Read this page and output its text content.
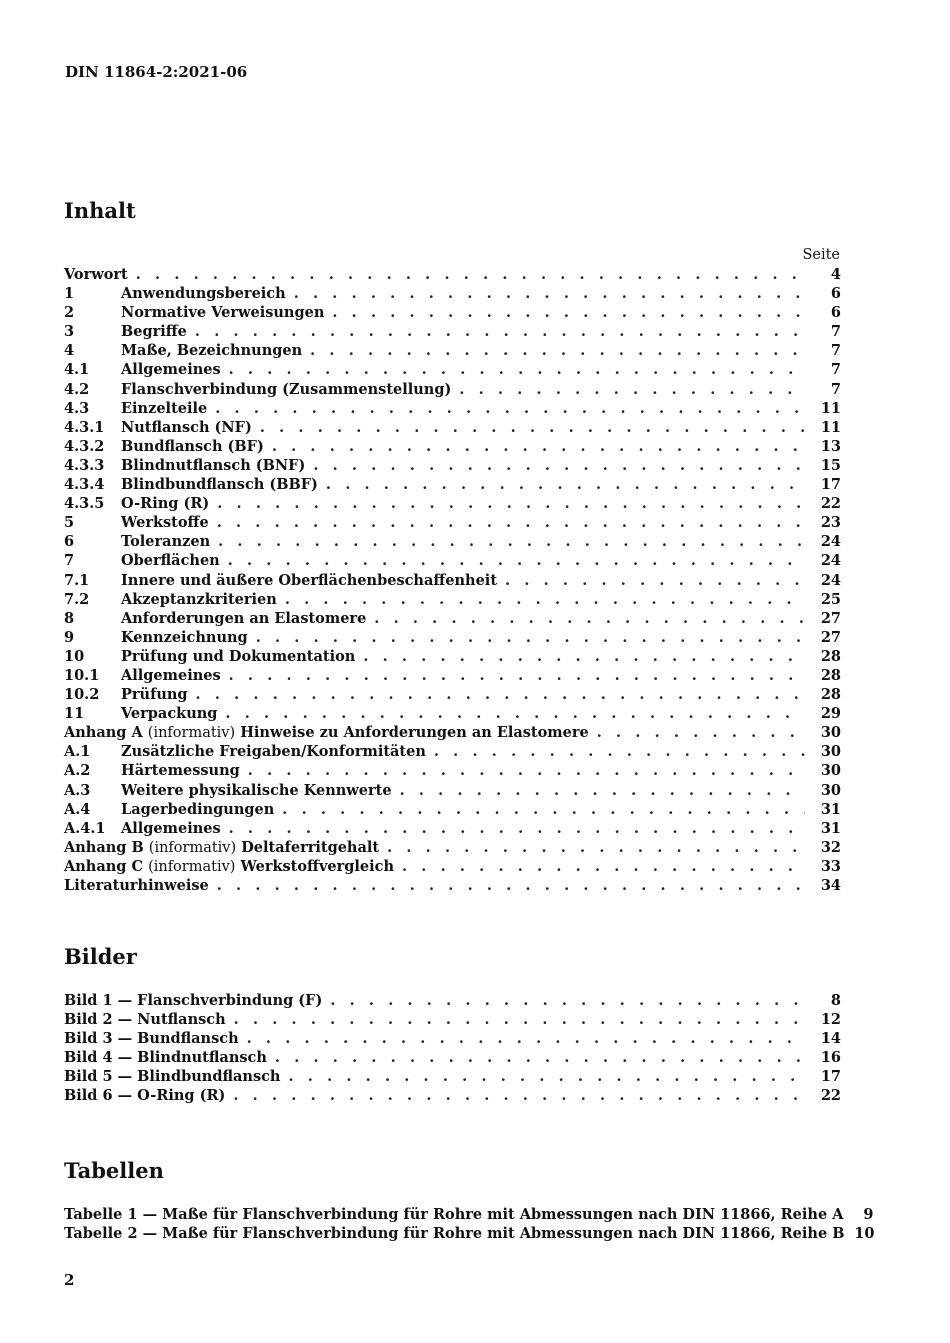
DIN 11864-2:2021-06
Inhalt
Seite
Vorwort . . .	4
1	Anwendungsbereich . . .	6
2	Normative Verweisungen . . .	6
3	Begriffe . . .	7
4	Maße, Bezeichnungen . . .	7
4.1	Allgemeines . . .	7
4.2	Flanschverbindung (Zusammenstellung) . . .	7
4.3	Einzelteile . . .	11
4.3.1	Nutflansch (NF) . . .	11
4.3.2	Bundflansch (BF) . . .	13
4.3.3	Blindnutflansch (BNF) . . .	15
4.3.4	Blindbundflansch (BBF) . . .	17
4.3.5	O-Ring (R) . . .	22
5	Werkstoffe . . .	23
6	Toleranzen . . .	24
7	Oberflächen . . .	24
7.1	Innere und äußere Oberflächenbeschaffenheit . . .	24
7.2	Akzeptanzkriterien . . .	25
8	Anforderungen an Elastomere . . .	27
9	Kennzeichnung . . .	27
10	Prüfung und Dokumentation . . .	28
10.1	Allgemeines . . .	28
10.2	Prüfung . . .	28
11	Verpackung . . .	29
Anhang A (informativ) Hinweise zu Anforderungen an Elastomere . . .	30
A.1	Zusätzliche Freigaben/Konformitäten . . .	30
A.2	Härtemessung . . .	30
A.3	Weitere physikalische Kennwerte . . .	30
A.4	Lagerbedingungen . . .	31
A.4.1	Allgemeines . . .	31
Anhang B (informativ) Deltaferritgehalt . . .	32
Anhang C (informativ) Werkstoffvergleich . . .	33
Literaturhinweise . . .	34
Bilder
Bild 1 — Flanschverbindung (F) . . .	8
Bild 2 — Nutflansch . . .	12
Bild 3 — Bundflansch . . .	14
Bild 4 — Blindnutflansch . . .	16
Bild 5 — Blindbundflansch . . .	17
Bild 6 — O-Ring (R) . . .	22
Tabellen
Tabelle 1 — Maße für Flanschverbindung für Rohre mit Abmessungen nach DIN 11866, Reihe A	9
Tabelle 2 — Maße für Flanschverbindung für Rohre mit Abmessungen nach DIN 11866, Reihe B 10
2
